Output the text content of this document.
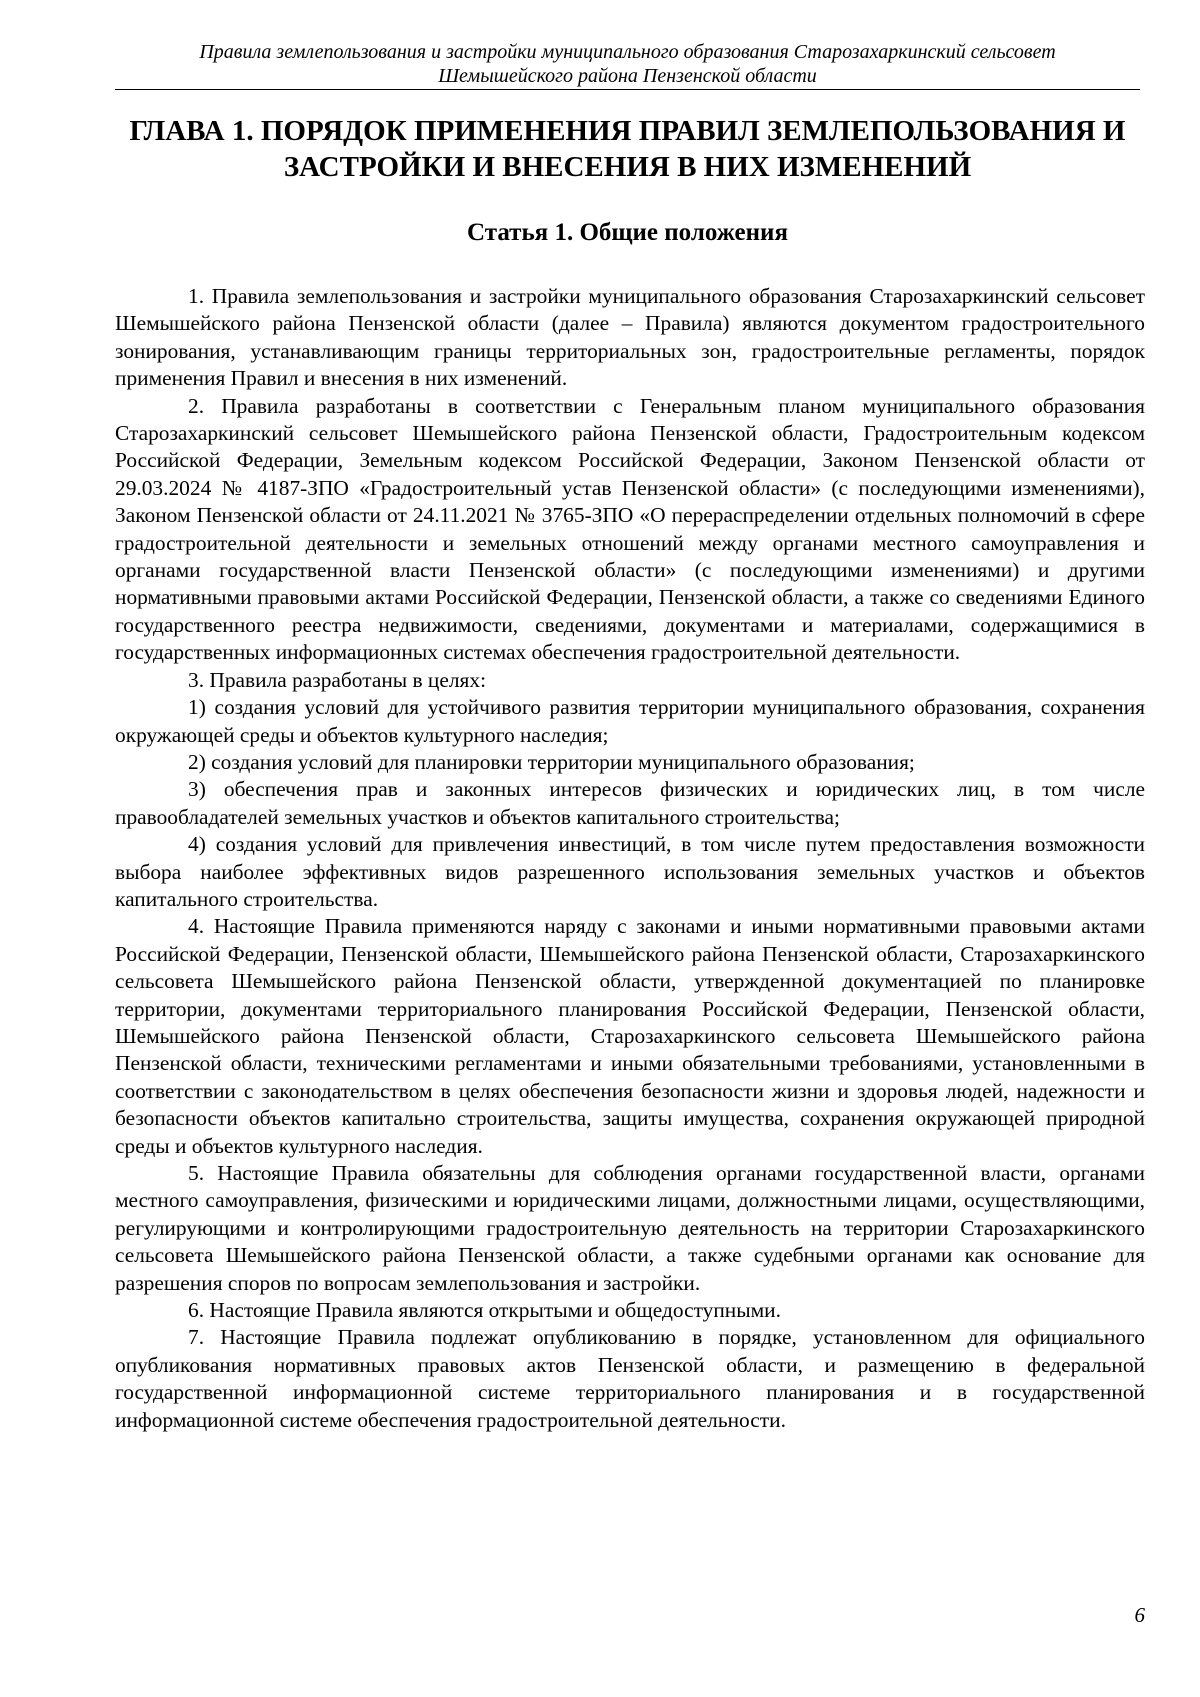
Правила землепользования и застройки муниципального образования Старозахаркинский сельсовет
Шемышейского района Пензенской области
ГЛАВА 1. ПОРЯДОК ПРИМЕНЕНИЯ ПРАВИЛ ЗЕМЛЕПОЛЬЗОВАНИЯ И ЗАСТРОЙКИ И ВНЕСЕНИЯ В НИХ ИЗМЕНЕНИЙ
Статья 1. Общие положения

1. Правила землепользования и застройки муниципального образования Старозахаркинский сельсовет Шемышейского района Пензенской области (далее – Правила) являются документом градостроительного зонирования, устанавливающим границы территориальных зон, градостроительные регламенты, порядок применения Правил и внесения в них изменений.

2. Правила разработаны в соответствии с Генеральным планом муниципального образования Старозахаркинский сельсовет Шемышейского района Пензенской области, Градостроительным кодексом Российской Федерации, Земельным кодексом Российской Федерации, Законом Пензенской области от 29.03.2024 № 4187-ЗПО «Градостроительный устав Пензенской области» (с последующими изменениями), Законом Пензенской области от 24.11.2021 № 3765-ЗПО «О перераспределении отдельных полномочий в сфере градостроительной деятельности и земельных отношений между органами местного самоуправления и органами государственной власти Пензенской области» (с последующими изменениями) и другими нормативными правовыми актами Российской Федерации, Пензенской области, а также со сведениями Единого государственного реестра недвижимости, сведениями, документами и материалами, содержащимися в государственных информационных системах обеспечения градостроительной деятельности.

3. Правила разработаны в целях:

1) создания условий для устойчивого развития территории муниципального образования, сохранения окружающей среды и объектов культурного наследия;

2) создания условий для планировки территории муниципального образования;

3) обеспечения прав и законных интересов физических и юридических лиц, в том числе правообладателей земельных участков и объектов капитального строительства;

4) создания условий для привлечения инвестиций, в том числе путем предоставления возможности выбора наиболее эффективных видов разрешенного использования земельных участков и объектов капитального строительства.

4. Настоящие Правила применяются наряду с законами и иными нормативными правовыми актами Российской Федерации, Пензенской области, Шемышейского района Пензенской области, Старозахаркинского сельсовета Шемышейского района Пензенской области, утвержденной документацией по планировке территории, документами территориального планирования Российской Федерации, Пензенской области, Шемышейского района Пензенской области, Старозахаркинского сельсовета Шемышейского района Пензенской области, техническими регламентами и иными обязательными требованиями, установленными в соответствии с законодательством в целях обеспечения безопасности жизни и здоровья людей, надежности и безопасности объектов капитально строительства, защиты имущества, сохранения окружающей природной среды и объектов культурного наследия.

5. Настоящие Правила обязательны для соблюдения органами государственной власти, органами местного самоуправления, физическими и юридическими лицами, должностными лицами, осуществляющими, регулирующими и контролирующими градостроительную деятельность на территории Старозахаркинского сельсовета Шемышейского района Пензенской области, а также судебными органами как основание для разрешения споров по вопросам землепользования и застройки.

6. Настоящие Правила являются открытыми и общедоступными.

7. Настоящие Правила подлежат опубликованию в порядке, установленном для официального опубликования нормативных правовых актов Пензенской области, и размещению в федеральной государственной информационной системе территориального планирования и в государственной информационной системе обеспечения градостроительной деятельности.

6
